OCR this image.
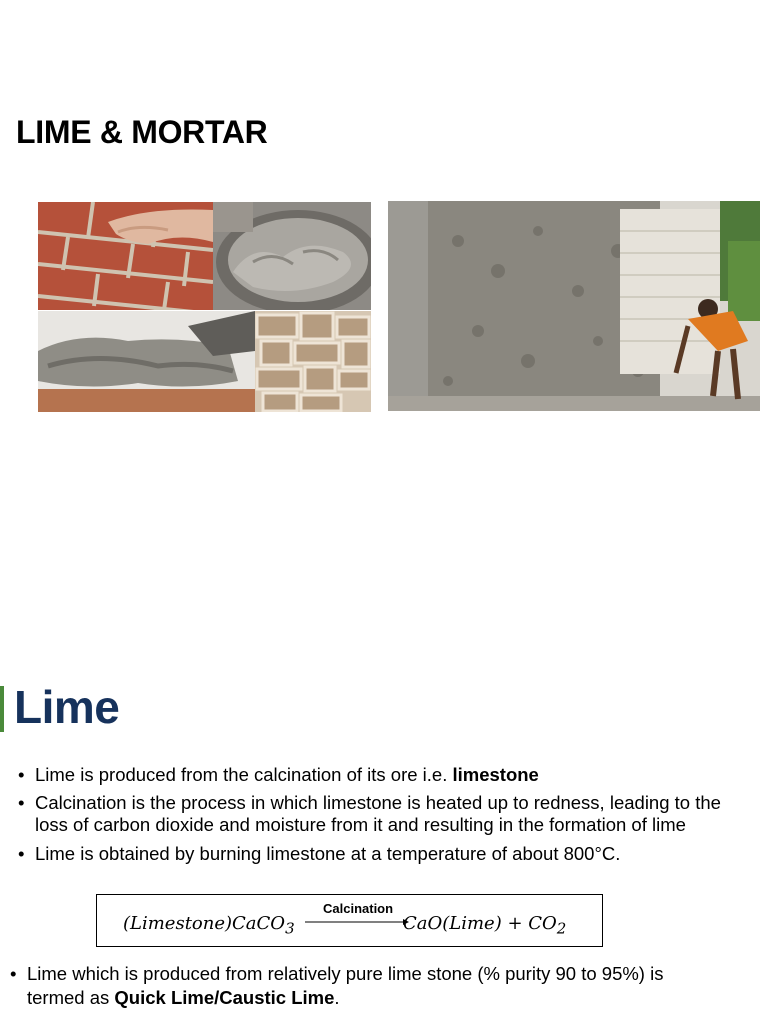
LIME & MORTAR
Lime
• Lime is produced from the calcination of its ore i.e. limestone
• Calcination is the process in which limestone is heated up to redness, leading to the loss of carbon dioxide and moisture from it and resulting in the formation of lime
• Lime is obtained by burning limestone at a temperature of about 800°C.
(Limestone)CaCO$_3$
Calcination
CaO(Lime) + $CO_2$
• Lime which is produced from relatively pure lime stone (% purity 90 to 95%) is termed as Quick Lime/Caustic Lime.
